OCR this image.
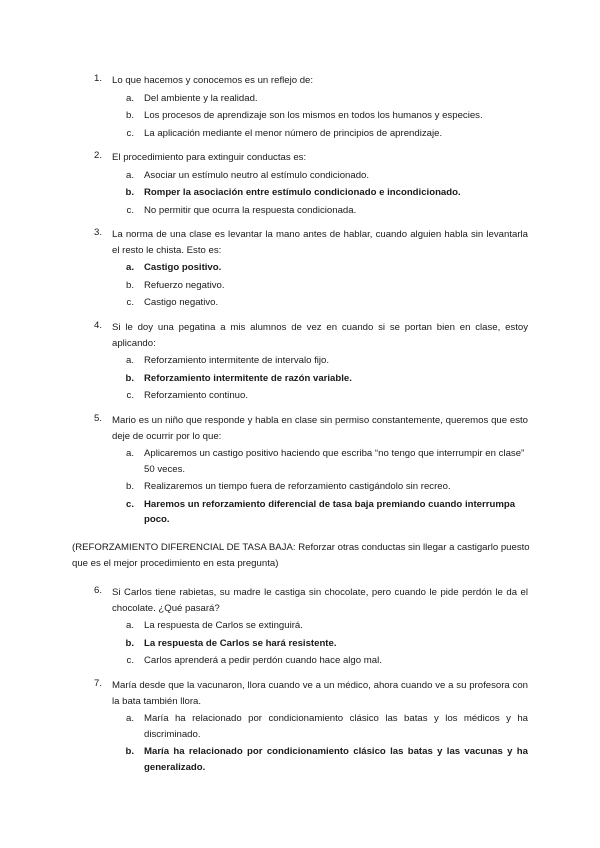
1. Lo que hacemos y conocemos es un reflejo de:
a. Del ambiente y la realidad.
b. Los procesos de aprendizaje son los mismos en todos los humanos y especies.
c. La aplicación mediante el menor número de principios de aprendizaje.
2. El procedimiento para extinguir conductas es:
a. Asociar un estímulo neutro al estímulo condicionado.
b. Romper la asociación entre estímulo condicionado e incondicionado.
c. No permitir que ocurra la respuesta condicionada.
3. La norma de una clase es levantar la mano antes de hablar, cuando alguien habla sin levantarla el resto le chista. Esto es:
a. Castigo positivo.
b. Refuerzo negativo.
c. Castigo negativo.
4. Si le doy una pegatina a mis alumnos de vez en cuando si se portan bien en clase, estoy aplicando:
a. Reforzamiento intermitente de intervalo fijo.
b. Reforzamiento intermitente de razón variable.
c. Reforzamiento continuo.
5. Mario es un niño que responde y habla en clase sin permiso constantemente, queremos que esto deje de ocurrir por lo que:
a. Aplicaremos un castigo positivo haciendo que escriba “no tengo que interrumpir en clase” 50 veces.
b. Realizaremos un tiempo fuera de reforzamiento castigándolo sin recreo.
c. Haremos un reforzamiento diferencial de tasa baja premiando cuando interrumpa poco.
(REFORZAMIENTO DIFERENCIAL DE TASA BAJA: Reforzar otras conductas sin llegar a castigarlo puesto que es el mejor procedimiento en esta pregunta)
6. Si Carlos tiene rabietas, su madre le castiga sin chocolate, pero cuando le pide perdón le da el chocolate. ¿Qué pasará?
a. La respuesta de Carlos se extinguirá.
b. La respuesta de Carlos se hará resistente.
c. Carlos aprenderá a pedir perdón cuando hace algo mal.
7. María desde que la vacunaron, llora cuando ve a un médico, ahora cuando ve a su profesora con la bata también llora.
a. María ha relacionado por condicionamiento clásico las batas y los médicos y ha discriminado.
b. María ha relacionado por condicionamiento clásico las batas y las vacunas y ha generalizado.
